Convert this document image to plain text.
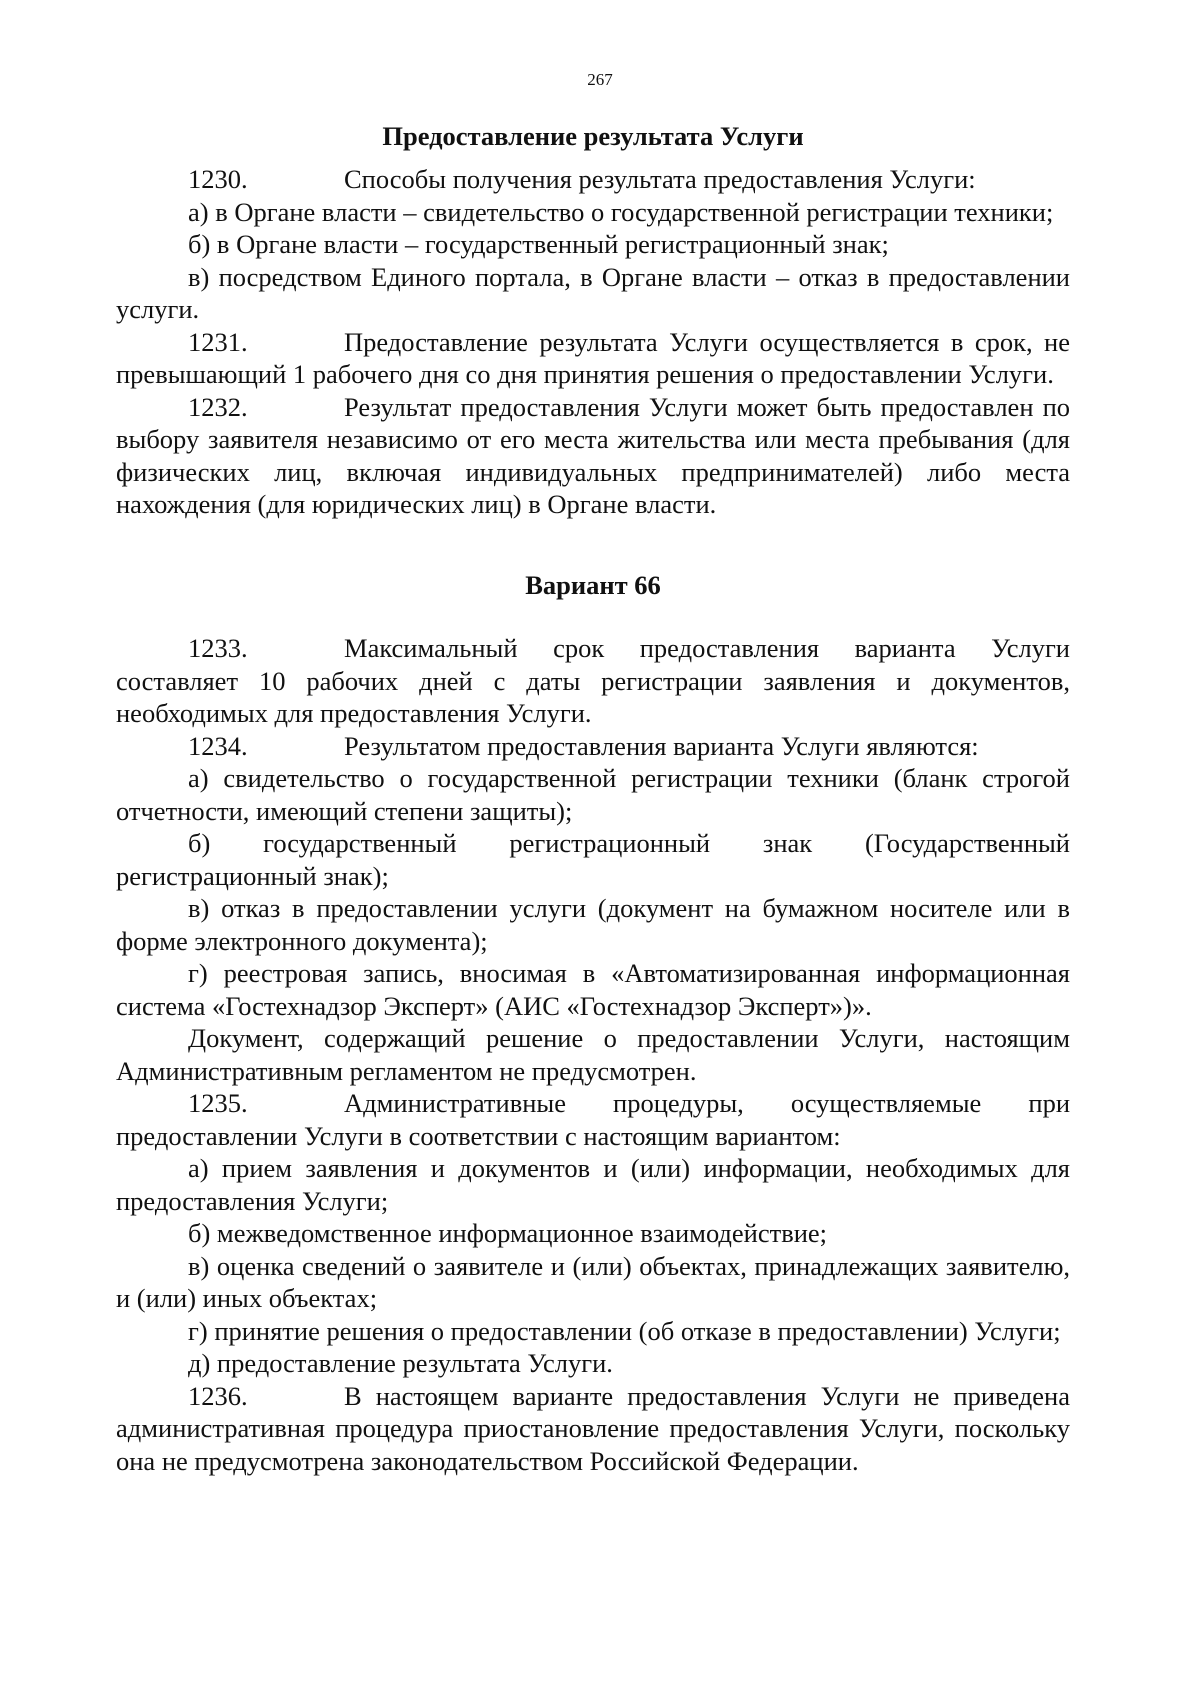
267
Предоставление результата Услуги

1230.	Способы получения результата предоставления Услуги:

а) в Органе власти – свидетельство о государственной регистрации техники;

б) в Органе власти – государственный регистрационный знак;

в) посредством Единого портала, в Органе власти – отказ в предоставлении услуги.

1231.	Предоставление результата Услуги осуществляется в срок, не превышающий 1 рабочего дня со дня принятия решения о предоставлении Услуги.

1232.	Результат предоставления Услуги может быть предоставлен по выбору заявителя независимо от его места жительства или места пребывания (для физических лиц, включая индивидуальных предпринимателей) либо места нахождения (для юридических лиц) в Органе власти.

Вариант 66

1233.	Максимальный срок предоставления варианта Услуги составляет 10 рабочих дней с даты регистрации заявления и документов, необходимых для предоставления Услуги.

1234.	Результатом предоставления варианта Услуги являются:

а) свидетельство о государственной регистрации техники (бланк строгой отчетности, имеющий степени защиты);

б) государственный регистрационный знак (Государственный регистрационный знак);

в) отказ в предоставлении услуги (документ на бумажном носителе или в форме электронного документа);

г) реестровая запись, вносимая в «Автоматизированная информационная система «Гостехнадзор Эксперт» (АИС «Гостехнадзор Эксперт»)».

Документ, содержащий решение о предоставлении Услуги, настоящим Административным регламентом не предусмотрен.

1235.	Административные процедуры, осуществляемые при предоставлении Услуги в соответствии с настоящим вариантом:

а) прием заявления и документов и (или) информации, необходимых для предоставления Услуги;

б) межведомственное информационное взаимодействие;

в) оценка сведений о заявителе и (или) объектах, принадлежащих заявителю, и (или) иных объектах;

г) принятие решения о предоставлении (об отказе в предоставлении) Услуги;

д) предоставление результата Услуги.

1236.	В настоящем варианте предоставления Услуги не приведена административная процедура приостановление предоставления Услуги, поскольку она не предусмотрена законодательством Российской Федерации.
